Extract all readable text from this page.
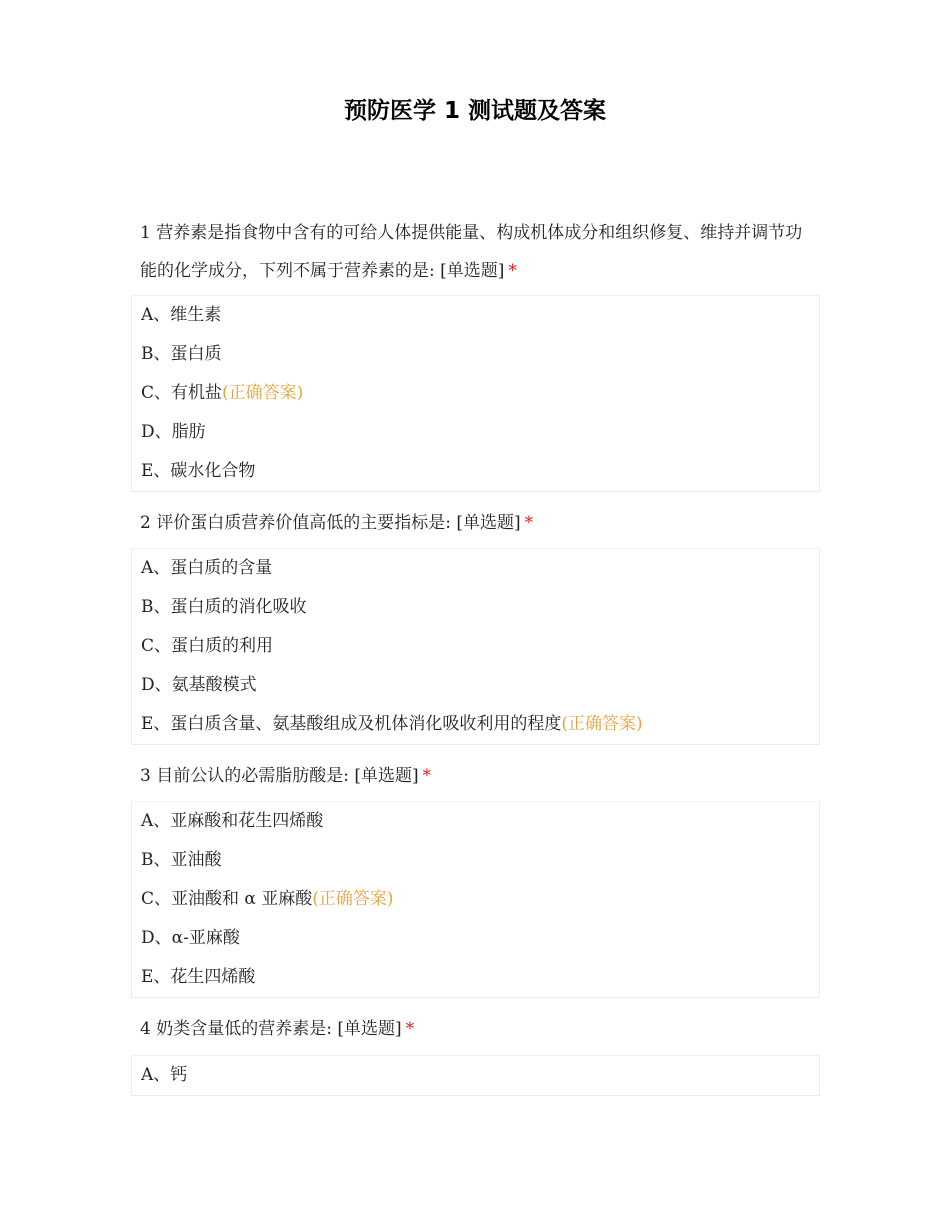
预防医学 1 测试题及答案
1 营养素是指食物中含有的可给人体提供能量、构成机体成分和组织修复、维持并调节功能的化学成分，下列不属于营养素的是: [单选题] *
A、维生素
B、蛋白质
C、有机盐(正确答案)
D、脂肪
E、碳水化合物
2 评价蛋白质营养价值高低的主要指标是: [单选题] *
A、蛋白质的含量
B、蛋白质的消化吸收
C、蛋白质的利用
D、氨基酸模式
E、蛋白质含量、氨基酸组成及机体消化吸收利用的程度(正确答案)
3 目前公认的必需脂肪酸是: [单选题] *
A、亚麻酸和花生四烯酸
B、亚油酸
C、亚油酸和 α 亚麻酸(正确答案)
D、α-亚麻酸
E、花生四烯酸
4 奶类含量低的营养素是: [单选题] *
A、钙
